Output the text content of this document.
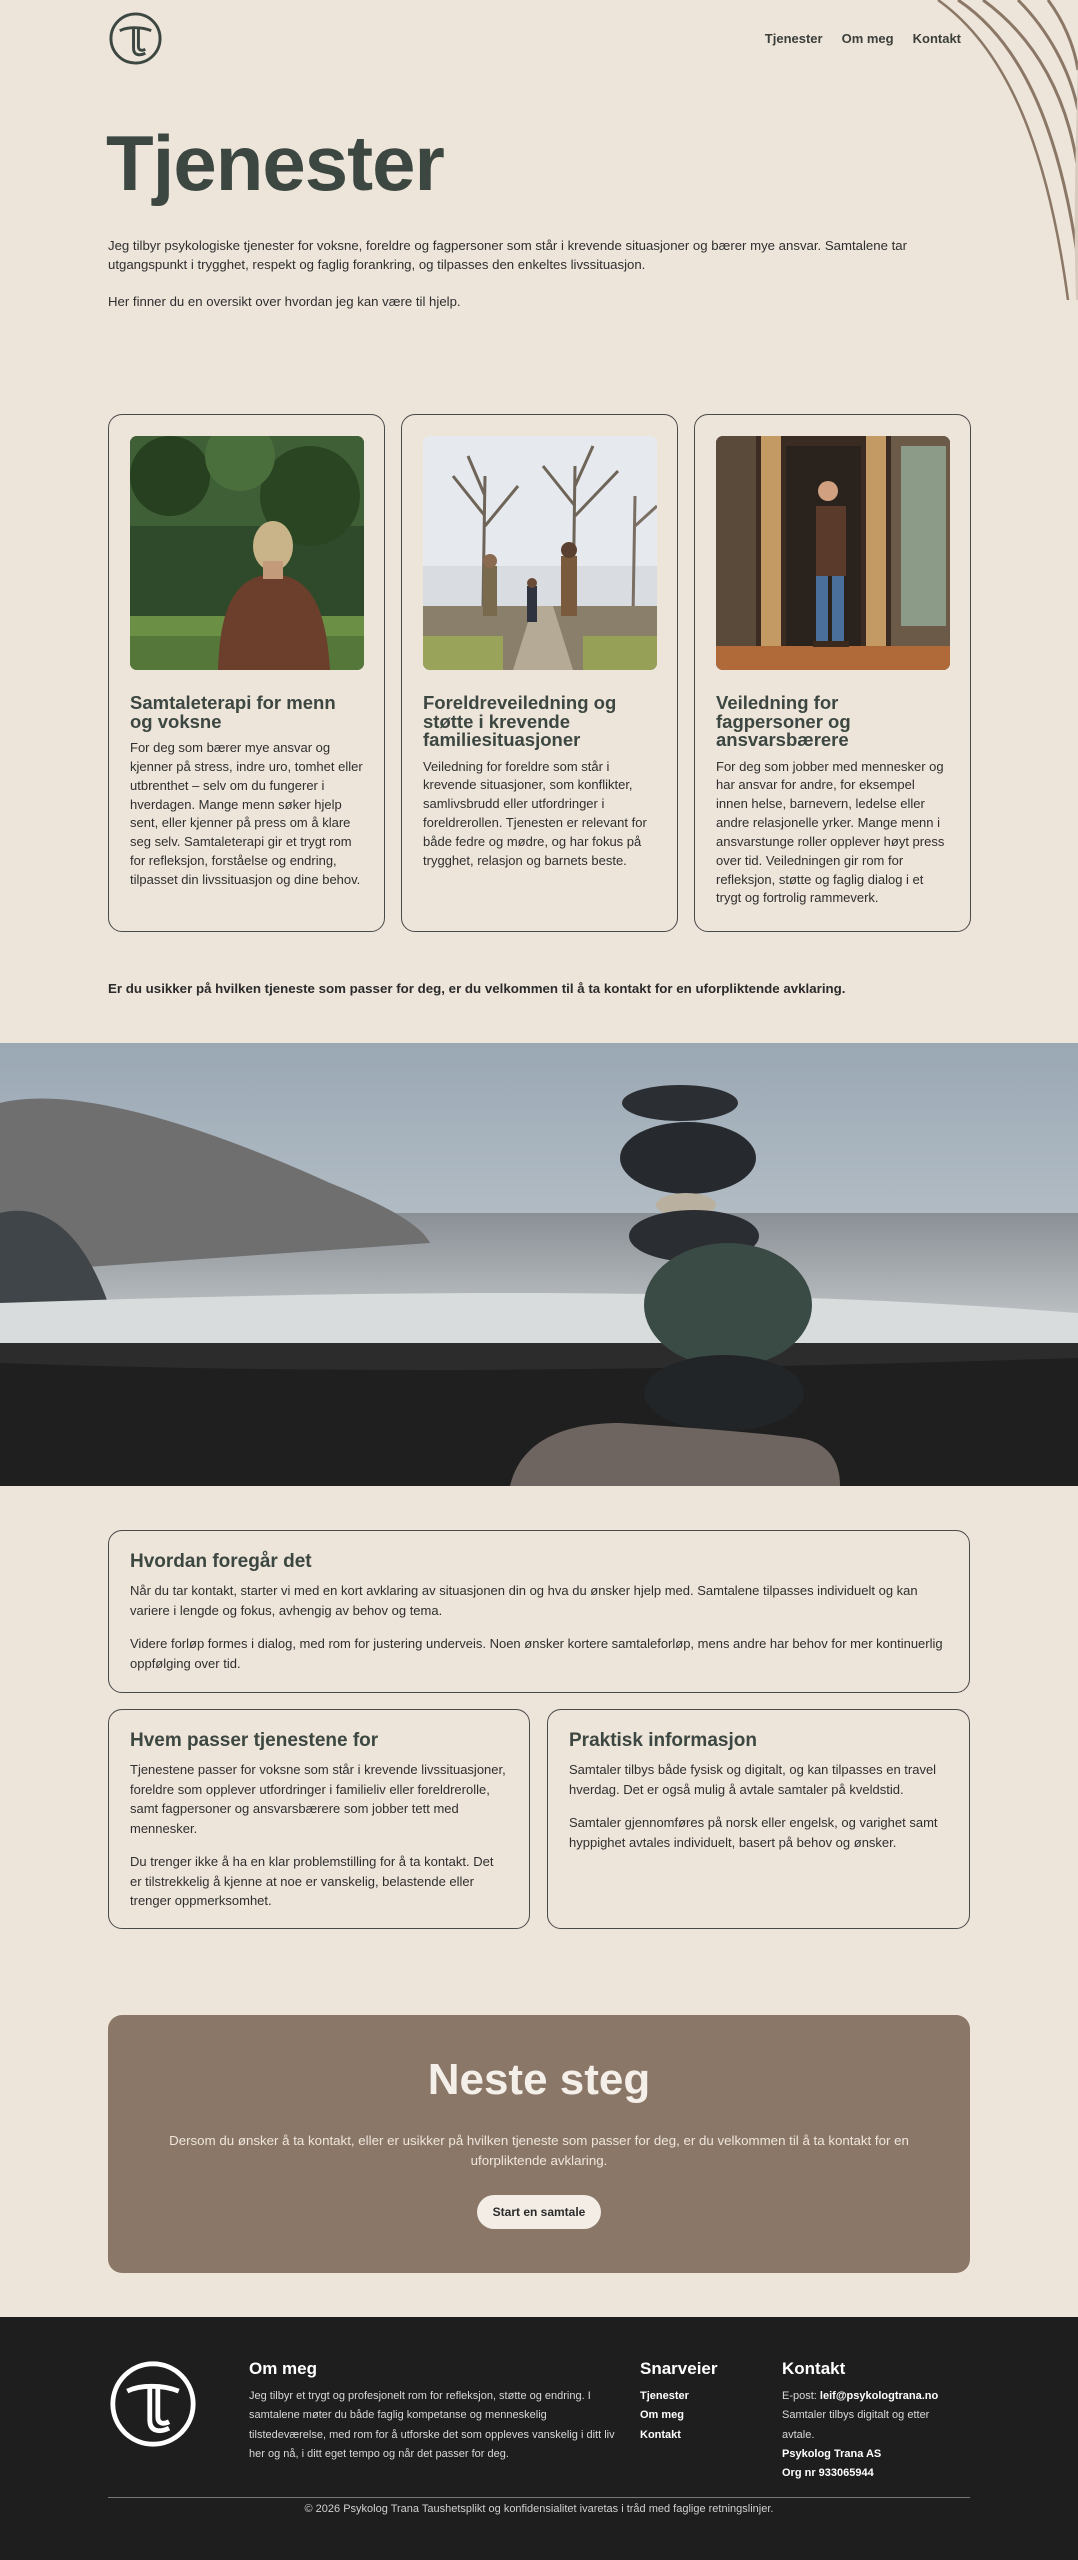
Tjenester Om meg Kontakt
Tjenester

Jeg tilbyr psykologiske tjenester for voksne, foreldre og fagpersoner som står i krevende situasjoner og bærer mye ansvar. Samtalene tar utgangspunkt i trygghet, respekt og faglig forankring, og tilpasses den enkeltes livssituasjon.

Her finner du en oversikt over hvordan jeg kan være til hjelp.

Samtaleterapi for menn og voksne

For deg som bærer mye ansvar og kjenner på stress, indre uro, tomhet eller utbrenthet – selv om du fungerer i hverdagen. Mange menn søker hjelp sent, eller kjenner på press om å klare seg selv. Samtaleterapi gir et trygt rom for refleksjon, forståelse og endring, tilpasset din livssituasjon og dine behov.

Foreldreveiledning og støtte i krevende familiesituasjoner

Veiledning for foreldre som står i krevende situasjoner, som konflikter, samlivsbrudd eller utfordringer i foreldrerollen. Tjenesten er relevant for både fedre og mødre, og har fokus på trygghet, relasjon og barnets beste.

Veiledning for fagpersoner og ansvarsbærere

For deg som jobber med mennesker og har ansvar for andre, for eksempel innen helse, barnevern, ledelse eller andre relasjonelle yrker. Mange menn i ansvarstunge roller opplever høyt press over tid. Veiledningen gir rom for refleksjon, støtte og faglig dialog i et trygt og fortrolig rammeverk.

Er du usikker på hvilken tjeneste som passer for deg, er du velkommen til å ta kontakt for en uforpliktende avklaring.

Hvordan foregår det

Når du tar kontakt, starter vi med en kort avklaring av situasjonen din og hva du ønsker hjelp med. Samtalene tilpasses individuelt og kan variere i lengde og fokus, avhengig av behov og tema.

Videre forløp formes i dialog, med rom for justering underveis. Noen ønsker kortere samtaleforløp, mens andre har behov for mer kontinuerlig oppfølging over tid.

Hvem passer tjenestene for

Tjenestene passer for voksne som står i krevende livssituasjoner, foreldre som opplever utfordringer i familieliv eller foreldrerolle, samt fagpersoner og ansvarsbærere som jobber tett med mennesker.

Du trenger ikke å ha en klar problemstilling for å ta kontakt. Det er tilstrekkelig å kjenne at noe er vanskelig, belastende eller trenger oppmerksomhet.

Praktisk informasjon

Samtaler tilbys både fysisk og digitalt, og kan tilpasses en travel hverdag. Det er også mulig å avtale samtaler på kveldstid.

Samtaler gjennomføres på norsk eller engelsk, og varighet samt hyppighet avtales individuelt, basert på behov og ønsker.

Neste steg

Dersom du ønsker å ta kontakt, eller er usikker på hvilken tjeneste som passer for deg, er du velkommen til å ta kontakt for en uforpliktende avklaring.

Start en samtale
Om meg

Jeg tilbyr et trygt og profesjonelt rom for refleksjon, støtte og endring. I samtalene møter du både faglig kompetanse og menneskelig tilstedeværelse, med rom for å utforske det som oppleves vanskelig i ditt liv her og nå, i ditt eget tempo og når det passer for deg.

Snarveier
Tjenester
Om meg
Kontakt
Kontakt

E-post: leif@psykologtrana.no

Samtaler tilbys digitalt og etter avtale.

Psykolog Trana AS

Org nr 933065944

© 2026 Psykolog Trana Taushetsplikt og konfidensialitet ivaretas i tråd med faglige retningslinjer.
